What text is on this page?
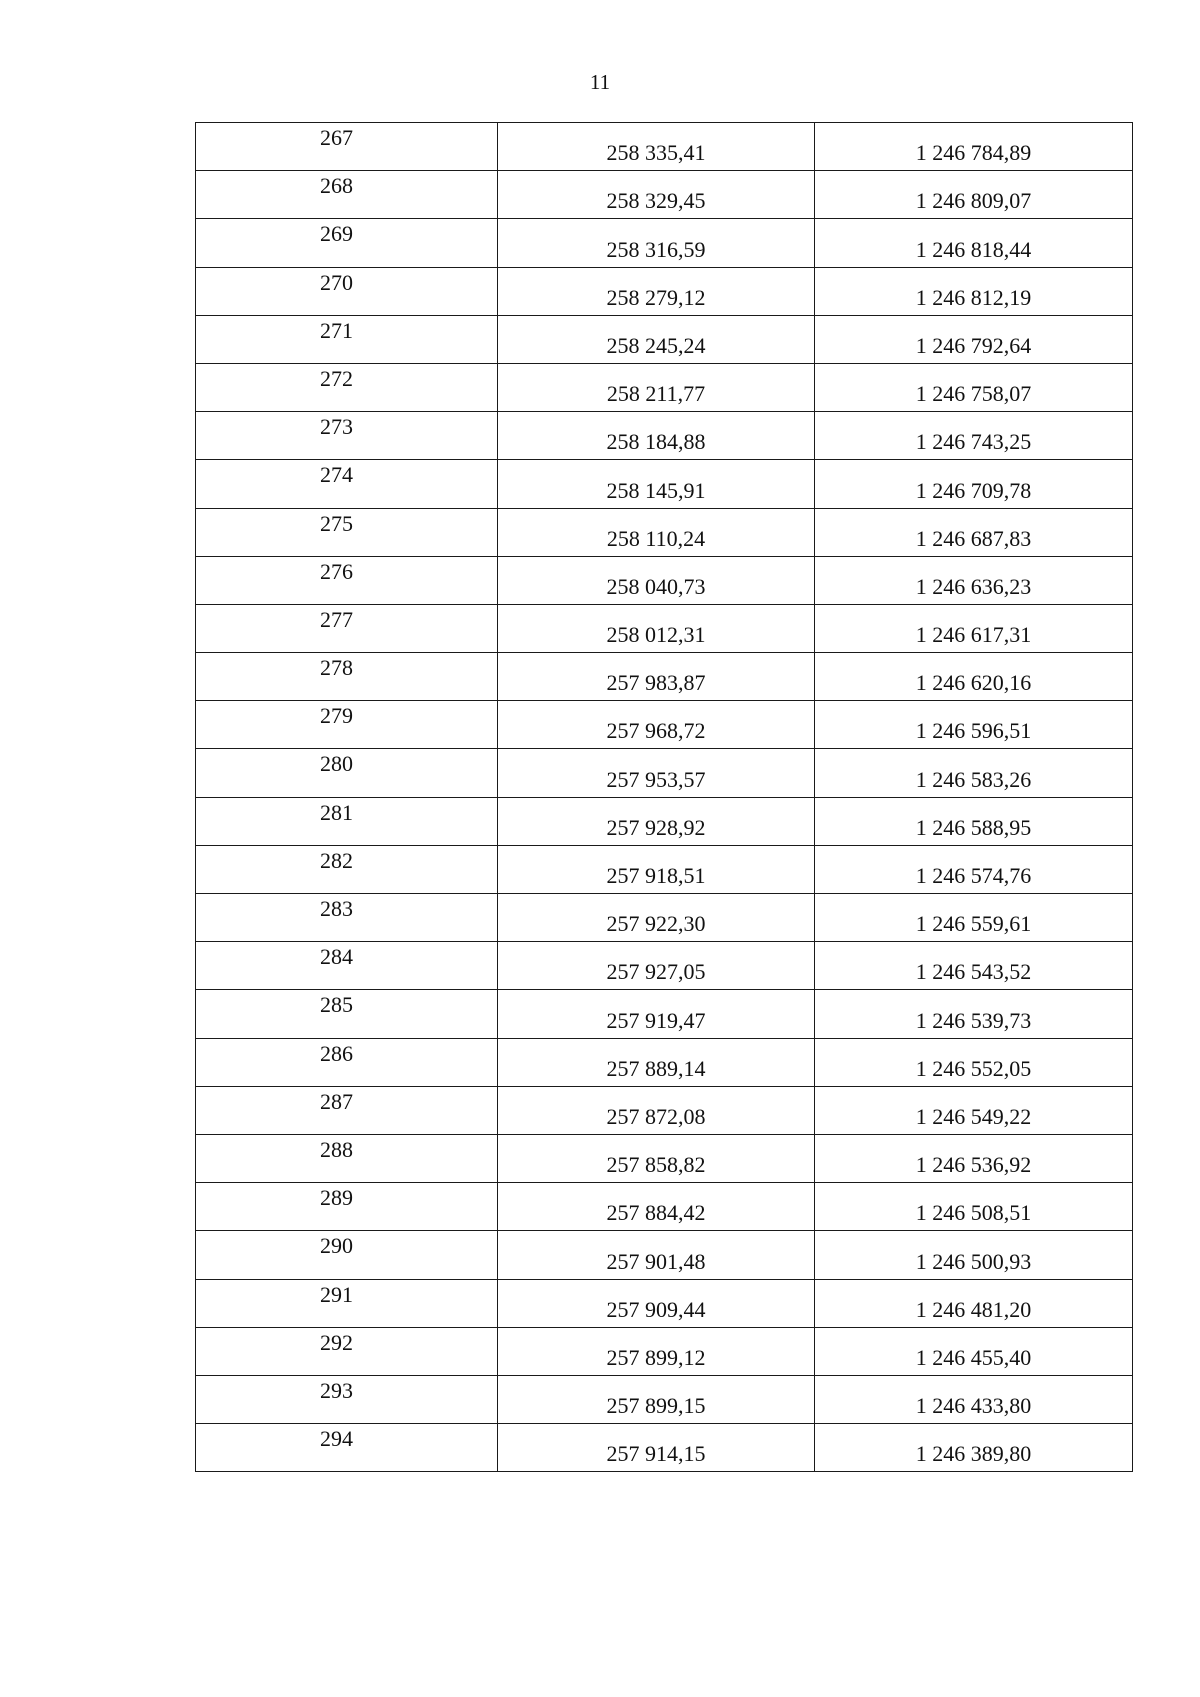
11
267	258 335,41	1 246 784,89
268	258 329,45	1 246 809,07
269	258 316,59	1 246 818,44
270	258 279,12	1 246 812,19
271	258 245,24	1 246 792,64
272	258 211,77	1 246 758,07
273	258 184,88	1 246 743,25
274	258 145,91	1 246 709,78
275	258 110,24	1 246 687,83
276	258 040,73	1 246 636,23
277	258 012,31	1 246 617,31
278	257 983,87	1 246 620,16
279	257 968,72	1 246 596,51
280	257 953,57	1 246 583,26
281	257 928,92	1 246 588,95
282	257 918,51	1 246 574,76
283	257 922,30	1 246 559,61
284	257 927,05	1 246 543,52
285	257 919,47	1 246 539,73
286	257 889,14	1 246 552,05
287	257 872,08	1 246 549,22
288	257 858,82	1 246 536,92
289	257 884,42	1 246 508,51
290	257 901,48	1 246 500,93
291	257 909,44	1 246 481,20
292	257 899,12	1 246 455,40
293	257 899,15	1 246 433,80
294	257 914,15	1 246 389,80
